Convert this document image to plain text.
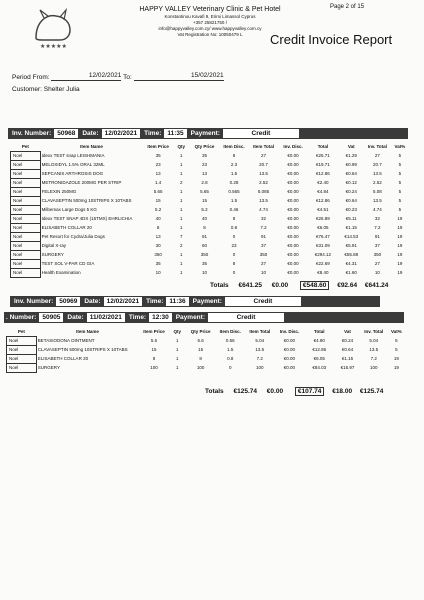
★★★★★
HAPPY VALLEY Veterinary Clinic & Pet Hotel
Konstantinou Kavafi 9, Erimi Limassol Cyprus
+357 25821750 /
info@happyvalley.com.cy/ www.happyvalley.com.cy
Vat Registration No: 10050479 L
Page 2 of 15
Credit Invoice Report
Period From:	12/02/2021 To:	15/02/2021
Customer: Shelter Julia
Inv. Number: 50968	Date: 12/02/2021	Time: 11:35	Payment:	Credit
Pet	Item Name	Item Price	Qty	Qty Price	Item Disc.	Item Total	Inv. Disc.	Total	Vat	Inv. Total	Vat%
Noel	Idexx TEST snap LEISHMANIA	35	1	35	8	27	€0.00	€25.71	€1.29	27	5
Noel	MELOXIDYL 1.5% ORAL 32ML	23	1	23	2.3	20.7	€0.00	€19.71	€0.99	20.7	5
Noel	SEPCANIS ARTHROSIS DOG	13	1	13	1.5	13.5	€0.00	€12.86	€0.64	13.5	5
Noel	METRONIDAZOLE 200MG PER STRIP	1.4	2	2.8	0.28	2.52	€0.00	€2.40	€0.12	2.52	5
Noel	FELEXIN 250MG	5.65	1	5.65	0.565	5.085	€0.00	€4.84	€0.24	5.08	5
Noel	CLAVASEPTIN 500mg 10STRIPS X 10TABS	15	1	15	1.5	13.5	€0.00	€12.86	€0.64	13.5	5
Noel	Milbemax Large Dogs 5 KG	5.2	1	5.2	0.46	4.74	€0.00	€4.51	€0.23	4.74	5
Noel	Idexx TEST SNAP 4DX (15TMX) EHRLICHIA	40	1	40	8	32	€0.00	€26.89	€5.11	32	19
Noel	ELISABETH COLLAR 20	8	1	8	0.8	7.2	€0.00	€6.05	€1.15	7.2	19
Noel	Pet Resort for Cydra/Julia Dogs	13	7	91	0	91	€0.00	€76.47	€14.53	91	19
Noel	Digital X-ray	30	2	60	23	37	€0.00	€31.09	€5.91	37	19
Noel	SURGERY	350	1	350	0	350	€0.00	€294.12	€55.88	350	19
Noel	TEST SOL V-PAR CD GIA	35	1	35	8	27	€0.00	€22.69	€4.31	27	19
Noel	Health Examination	10	1	10	0	10	€0.00	€8.40	€1.60	10	19
Totals €641.25 €0.00 €548.60 €92.64 €641.24
Inv. Number: 50969	Date: 12/02/2021	Time: 11:36	Payment:	Credit
. Number: 50905	Date: 11/02/2021	Time: 12:30	Payment:	Credit
Pet	Item Name	Item Price	Qty	Qty Price	Item Disc.	Item Total	Inv. Disc.	Total	Vat	Inv. Total	Vat%
Noel	BETASIODONA OINTMENT	5.6	1	5.6	0.56	5.04	€0.00	€4.80	€0.24	5.04	5
Noel	CLAVASEPTIN 500mg 10STRIPS X 10TABS	15	1	15	1.5	13.5	€0.00	€12.86	€0.64	13.5	5
Noel	ELISABETH COLLAR 20	8	1	8	0.8	7.2	€0.00	€6.05	€1.15	7.2	19
Noel	SURGERY	100	1	100	0	100	€0.00	€84.03	€15.97	100	19
Totals €125.74 €0.00 €107.74 €18.00 €125.74
